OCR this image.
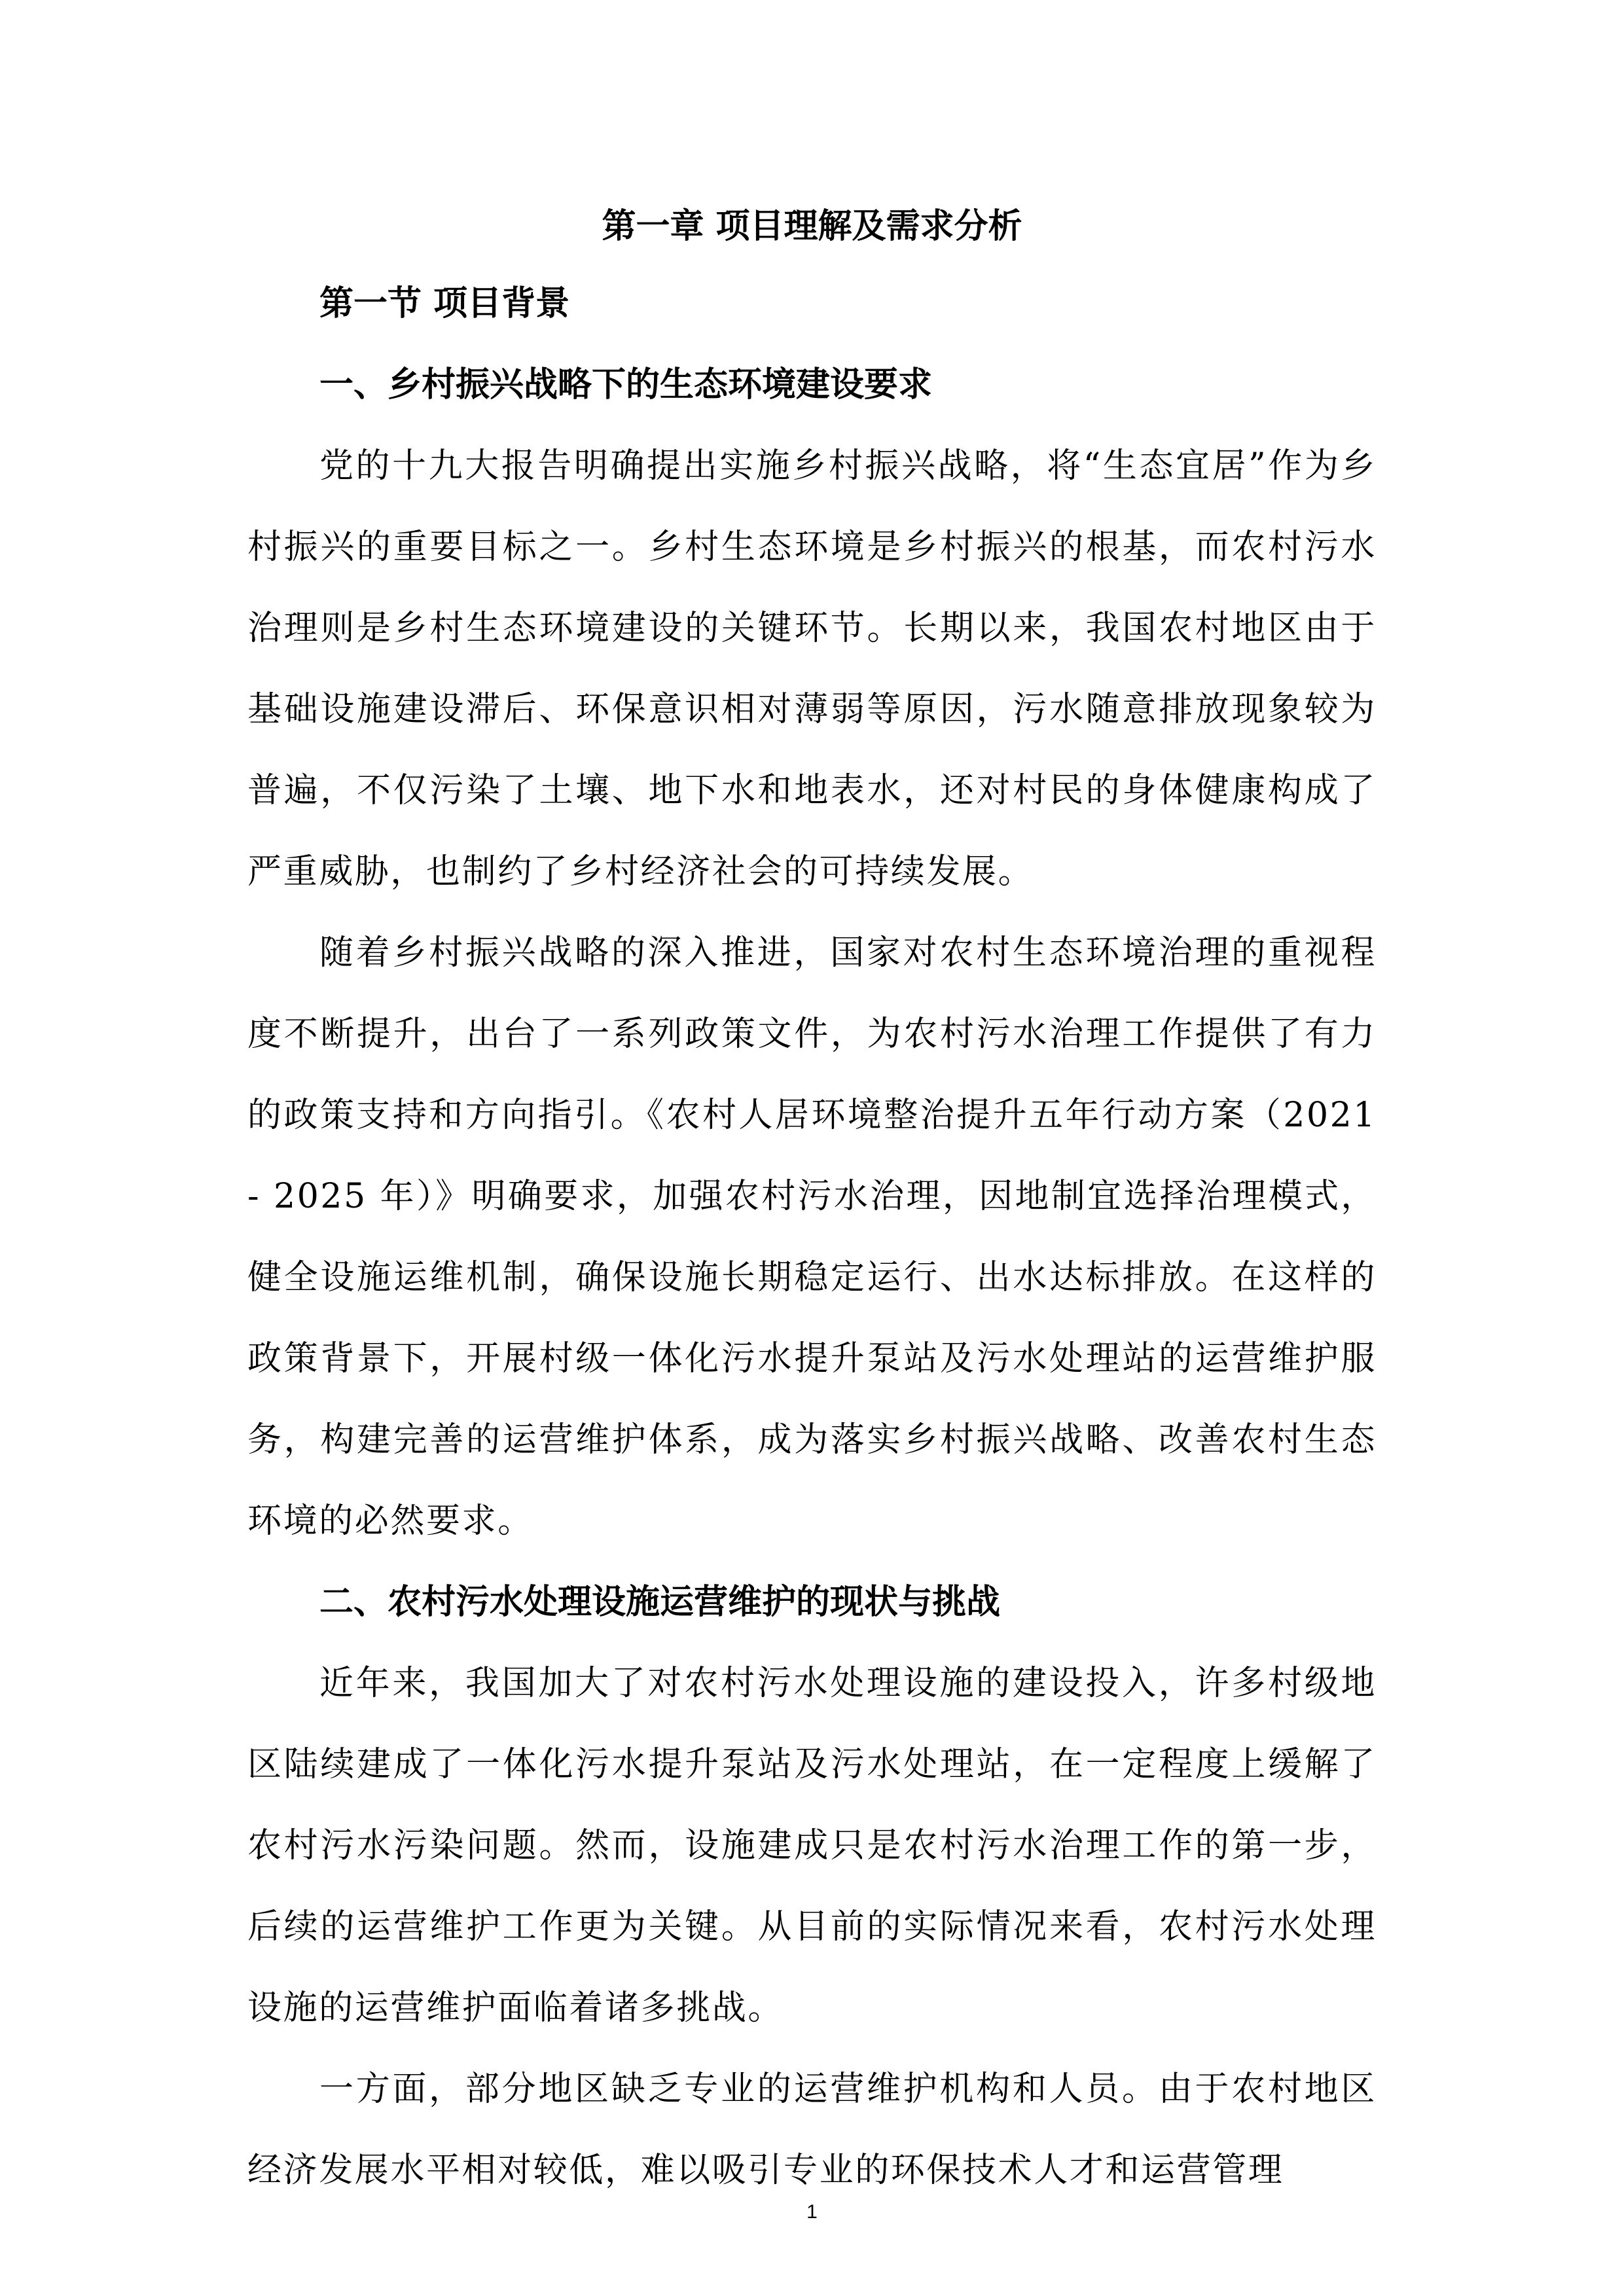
第一章 项目理解及需求分析
第一节 项目背景
一、乡村振兴战略下的生态环境建设要求

党的十九大报告明确提出实施乡村振兴战略，将“生态宜居”作为乡村振兴的重要目标之一。乡村生态环境是乡村振兴的根基，而农村污水治理则是乡村生态环境建设的关键环节。长期以来，我国农村地区由于基础设施建设滞后、环保意识相对薄弱等原因，污水随意排放现象较为普遍，不仅污染了土壤、地下水和地表水，还对村民的身体健康构成了严重威胁，也制约了乡村经济社会的可持续发展。

随着乡村振兴战略的深入推进，国家对农村生态环境治理的重视程度不断提升，出台了一系列政策文件，为农村污水治理工作提供了有力的政策支持和方向指引。《农村人居环境整治提升五年行动方案（2021 - 2025 年）》明确要求，加强农村污水治理，因地制宜选择治理模式，健全设施运维机制，确保设施长期稳定运行、出水达标排放。在这样的政策背景下，开展村级一体化污水提升泵站及污水处理站的运营维护服务，构建完善的运营维护体系，成为落实乡村振兴战略、改善农村生态环境的必然要求。

二、农村污水处理设施运营维护的现状与挑战

近年来，我国加大了对农村污水处理设施的建设投入，许多村级地区陆续建成了一体化污水提升泵站及污水处理站，在一定程度上缓解了农村污水污染问题。然而，设施建成只是农村污水治理工作的第一步，后续的运营维护工作更为关键。从目前的实际情况来看，农村污水处理设施的运营维护面临着诸多挑战。

一方面，部分地区缺乏专业的运营维护机构和人员。由于农村地区经济发展水平相对较低，难以吸引专业的环保技术人才和运营管理

1
